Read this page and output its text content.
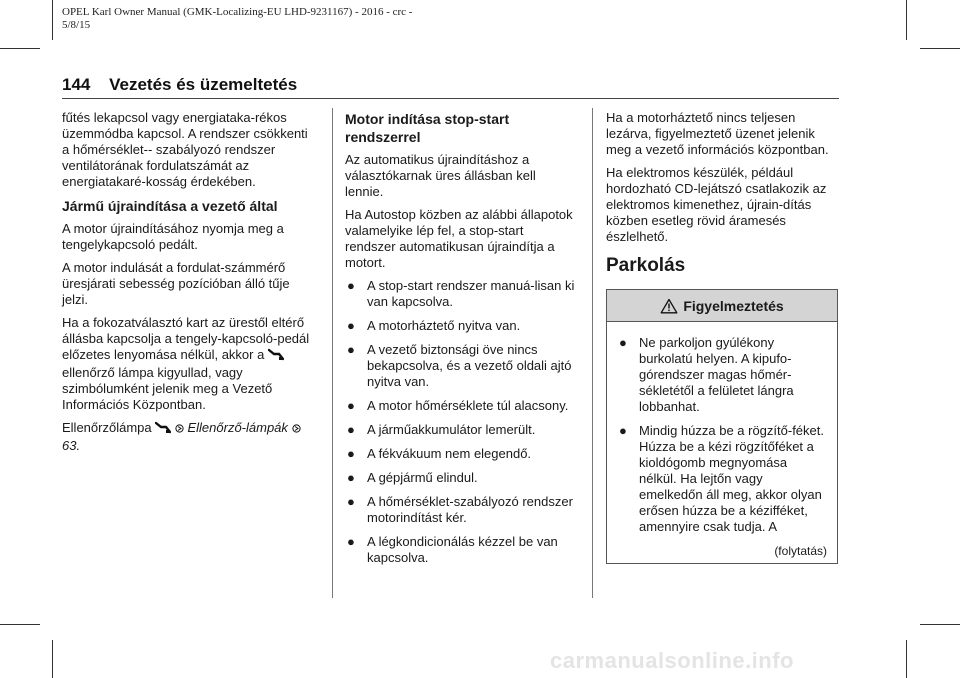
OPEL Karl Owner Manual (GMK-Localizing-EU LHD-9231167) - 2016 - crc -
5/8/15
144 Vezetés és üzemeltetés

fűtés lekapcsol vagy energiataka-rékos üzemmódba kapcsol. A rendszer csökkenti a hőmérséklet-- szabályozó rendszer ventilátorának fordulatszámát az energiatakaré-kosság érdekében.

Jármű újraindítása a vezető által

A motor újraindításához nyomja meg a tengelykapcsoló pedált.

A motor indulását a fordulat-számmérő üresjárati sebesség pozícióban álló tűje jelzi.

Ha a fokozatválasztó kart az ürestől eltérő állásba kapcsolja a tengely-kapcsoló-pedál előzetes lenyomása nélkül, akkor a  ellenőrző lámpa kigyullad, vagy szimbólumként jelenik meg a Vezető Információs Központban.

Ellenőrzőlámpa	Ellenőrző-lámpák  63.

Motor indítása stop-start rendszerrel

Az automatikus újraindításhoz a választókarnak üres állásban kell lennie.

Ha Autostop közben az alábbi állapotok valamelyike lép fel, a stop-start rendszer automatikusan újraindítja a motort.

● A stop-start rendszer manuá-lisan ki van kapcsolva.
● A motorháztető nyitva van.
● A vezető biztonsági öve nincs bekapcsolva, és a vezető oldali ajtó nyitva van.
● A motor hőmérséklete túl alacsony.
● A járműakkumulátor lemerült.
● A fékvákuum nem elegendő.
● A gépjármű elindul.
● A hőmérséklet-szabályozó rendszer motorindítást kér.
● A légkondicionálás kézzel be van kapcsolva.

Ha a motorháztető nincs teljesen lezárva, figyelmeztető üzenet jelenik meg a vezető információs központban.

Ha elektromos készülék, például hordozható CD-lejátszó csatlakozik az elektromos kimenethez, újrain-dítás közben esetleg rövid áramesés észlelhető.

Parkolás
Figyelmeztetés
● Ne parkoljon gyúlékony burkolatú helyen. A kipufo-górendszer magas hőmér-sékletétől a felületet lángra lobbanhat.
● Mindig húzza be a rögzítő-féket. Húzza be a kézi rögzítőféket a kioldógomb megnyomása nélkül. Ha lejtőn vagy emelkedőn áll meg, akkor olyan erősen húzza be a kézifféket, amennyire csak tudja. A
(folytatás)
carmanualsonline.info
